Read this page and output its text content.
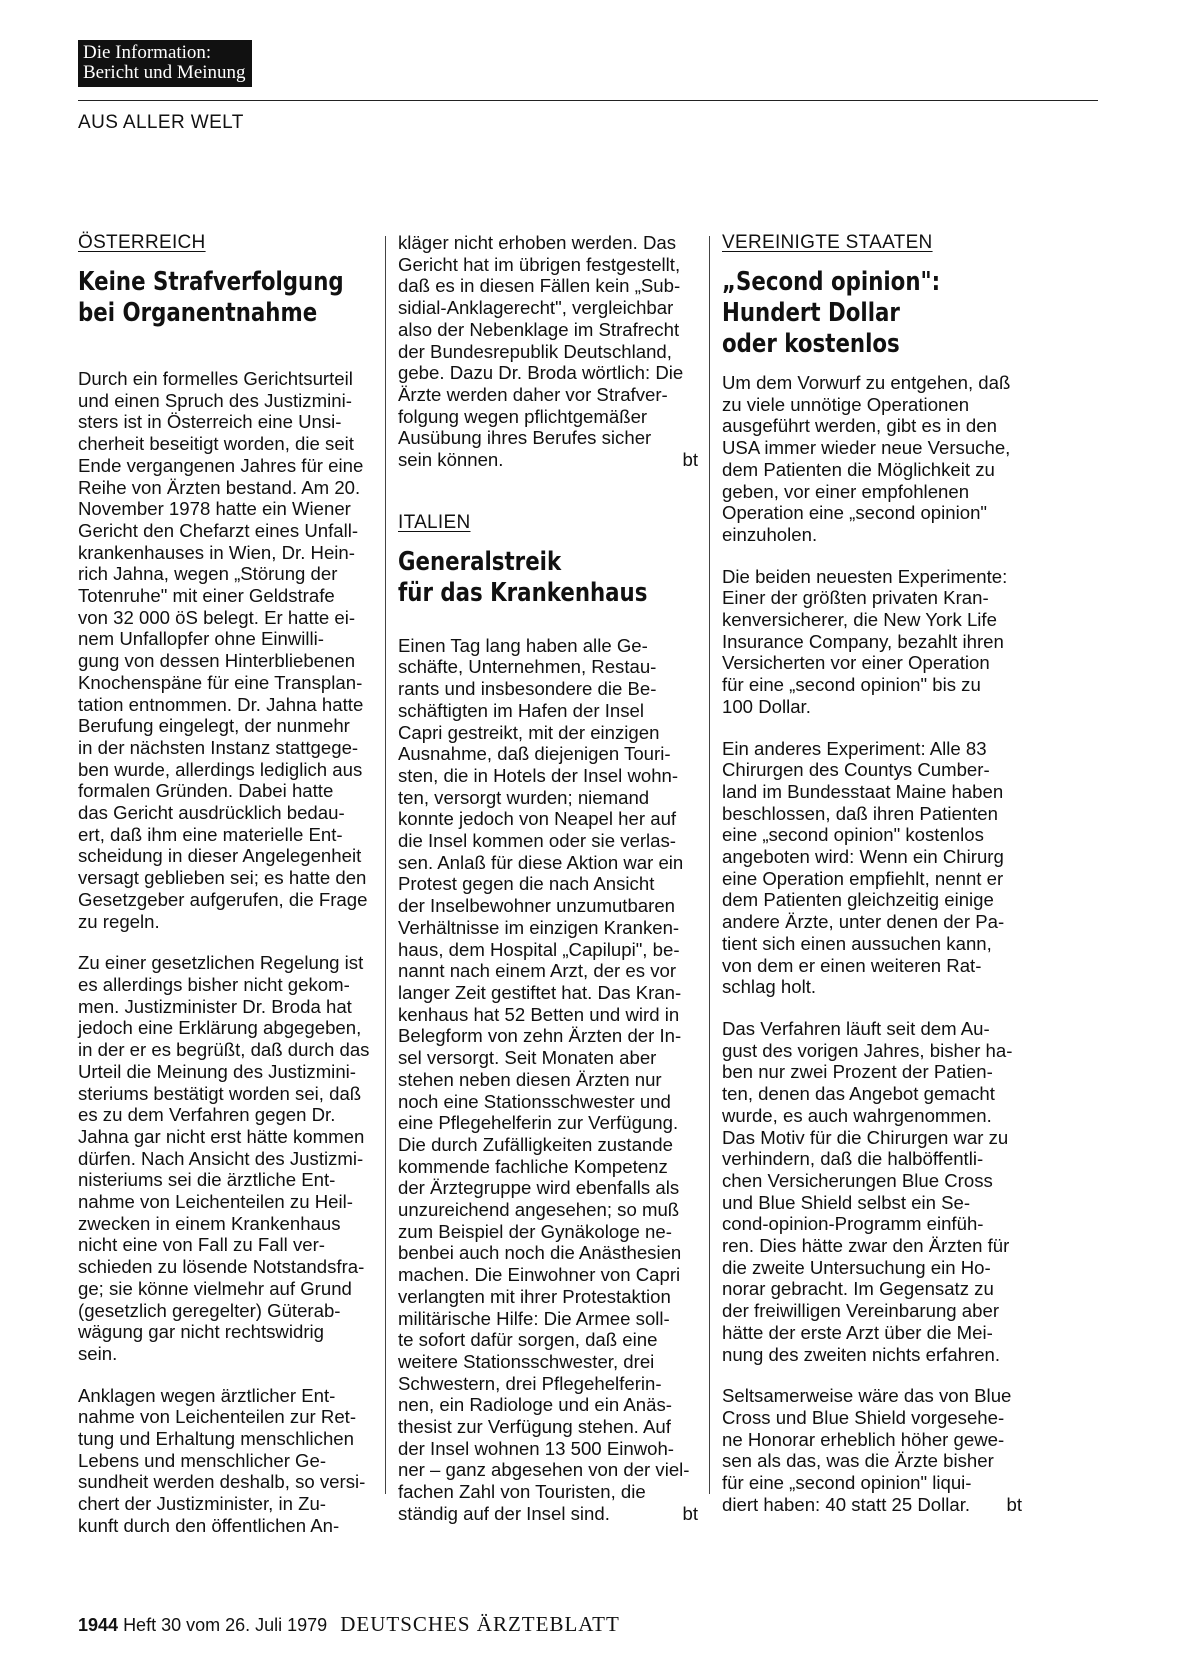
Die Information:
Bericht und Meinung
AUS ALLER WELT
ÖSTERREICH
Keine Strafverfolgung
bei Organentnahme
Durch ein formelles Gerichtsurteil
und einen Spruch des Justizmini-
sters ist in Österreich eine Unsi-
cherheit beseitigt worden, die seit
Ende vergangenen Jahres für eine
Reihe von Ärzten bestand. Am 20.
November 1978 hatte ein Wiener
Gericht den Chefarzt eines Unfall-
krankenhauses in Wien, Dr. Hein-
rich Jahna, wegen „Störung der
Totenruhe" mit einer Geldstrafe
von 32 000 öS belegt. Er hatte ei-
nem Unfallopfer ohne Einwilli-
gung von dessen Hinterbliebenen
Knochenspäne für eine Transplan-
tation entnommen. Dr. Jahna hatte
Berufung eingelegt, der nunmehr
in der nächsten Instanz stattgege-
ben wurde, allerdings lediglich aus
formalen Gründen. Dabei hatte
das Gericht ausdrücklich bedau-
ert, daß ihm eine materielle Ent-
scheidung in dieser Angelegenheit
versagt geblieben sei; es hatte den
Gesetzgeber aufgerufen, die Frage
zu regeln.
Zu einer gesetzlichen Regelung ist
es allerdings bisher nicht gekom-
men. Justizminister Dr. Broda hat
jedoch eine Erklärung abgegeben,
in der er es begrüßt, daß durch das
Urteil die Meinung des Justizmini-
steriums bestätigt worden sei, daß
es zu dem Verfahren gegen Dr.
Jahna gar nicht erst hätte kommen
dürfen. Nach Ansicht des Justizmi-
nisteriums sei die ärztliche Ent-
nahme von Leichenteilen zu Heil-
zwecken in einem Krankenhaus
nicht eine von Fall zu Fall ver-
schieden zu lösende Notstandsfra-
ge; sie könne vielmehr auf Grund
(gesetzlich geregelter) Güterab-
wägung gar nicht rechtswidrig
sein.
Anklagen wegen ärztlicher Ent-
nahme von Leichenteilen zur Ret-
tung und Erhaltung menschlichen
Lebens und menschlicher Ge-
sundheit werden deshalb, so versi-
chert der Justizminister, in Zu-
kunft durch den öffentlichen An-
kläger nicht erhoben werden. Das
Gericht hat im übrigen festgestellt,
daß es in diesen Fällen kein „Sub-
sidial-Anklagerecht", vergleichbar
also der Nebenklage im Strafrecht
der Bundesrepublik Deutschland,
gebe. Dazu Dr. Broda wörtlich: Die
Ärzte werden daher vor Strafver-
folgung wegen pflichtgemäßer
Ausübung ihres Berufes sicher
sein können.	bt
ITALIEN
Generalstreik
für das Krankenhaus
Einen Tag lang haben alle Ge-
schäfte, Unternehmen, Restau-
rants und insbesondere die Be-
schäftigten im Hafen der Insel
Capri gestreikt, mit der einzigen
Ausnahme, daß diejenigen Touri-
sten, die in Hotels der Insel wohn-
ten, versorgt wurden; niemand
konnte jedoch von Neapel her auf
die Insel kommen oder sie verlas-
sen. Anlaß für diese Aktion war ein
Protest gegen die nach Ansicht
der Inselbewohner unzumutbaren
Verhältnisse im einzigen Kranken-
haus, dem Hospital „Capilupi", be-
nannt nach einem Arzt, der es vor
langer Zeit gestiftet hat. Das Kran-
kenhaus hat 52 Betten und wird in
Belegform von zehn Ärzten der In-
sel versorgt. Seit Monaten aber
stehen neben diesen Ärzten nur
noch eine Stationsschwester und
eine Pflegehelferin zur Verfügung.
Die durch Zufälligkeiten zustande
kommende fachliche Kompetenz
der Ärztegruppe wird ebenfalls als
unzureichend angesehen; so muß
zum Beispiel der Gynäkologe ne-
benbei auch noch die Anästhesien
machen. Die Einwohner von Capri
verlangten mit ihrer Protestaktion
militärische Hilfe: Die Armee soll-
te sofort dafür sorgen, daß eine
weitere Stationsschwester, drei
Schwestern, drei Pflegehelferin-
nen, ein Radiologe und ein Anäs-
thesist zur Verfügung stehen. Auf
der Insel wohnen 13 500 Einwoh-
ner – ganz abgesehen von der viel-
fachen Zahl von Touristen, die
ständig auf der Insel sind.	bt
VEREINIGTE STAATEN
„Second opinion":
Hundert Dollar
oder kostenlos
Um dem Vorwurf zu entgehen, daß
zu viele unnötige Operationen
ausgeführt werden, gibt es in den
USA immer wieder neue Versuche,
dem Patienten die Möglichkeit zu
geben, vor einer empfohlenen
Operation eine „second opinion"
einzuholen.
Die beiden neuesten Experimente:
Einer der größten privaten Kran-
kenversicherer, die New York Life
Insurance Company, bezahlt ihren
Versicherten vor einer Operation
für eine „second opinion" bis zu
100 Dollar.
Ein anderes Experiment: Alle 83
Chirurgen des Countys Cumber-
land im Bundesstaat Maine haben
beschlossen, daß ihren Patienten
eine „second opinion" kostenlos
angeboten wird: Wenn ein Chirurg
eine Operation empfiehlt, nennt er
dem Patienten gleichzeitig einige
andere Ärzte, unter denen der Pa-
tient sich einen aussuchen kann,
von dem er einen weiteren Rat-
schlag holt.
Das Verfahren läuft seit dem Au-
gust des vorigen Jahres, bisher ha-
ben nur zwei Prozent der Patien-
ten, denen das Angebot gemacht
wurde, es auch wahrgenommen.
Das Motiv für die Chirurgen war zu
verhindern, daß die halböffentli-
chen Versicherungen Blue Cross
und Blue Shield selbst ein Se-
cond-opinion-Programm einfüh-
ren. Dies hätte zwar den Ärzten für
die zweite Untersuchung ein Ho-
norar gebracht. Im Gegensatz zu
der freiwilligen Vereinbarung aber
hätte der erste Arzt über die Mei-
nung des zweiten nichts erfahren.
Seltsamerweise wäre das von Blue
Cross und Blue Shield vorgesehe-
ne Honorar erheblich höher gewe-
sen als das, was die Ärzte bisher
für eine „second opinion" liqui-
diert haben: 40 statt 25 Dollar. bt
1944 Heft 30 vom 26. Juli 1979 DEUTSCHES ÄRZTEBLATT
